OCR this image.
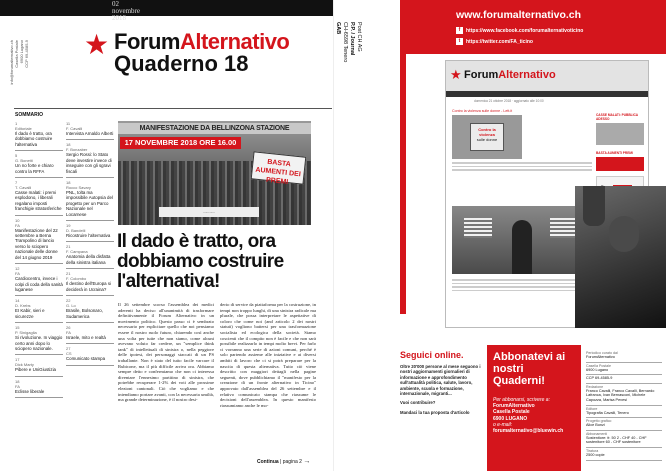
02
novembre
2018
info@forumalternativo.ch Casella Postale 6900 Lugano CCP 69-4585-9 ★ ForumAlternativo
Quaderno 18
SOMMARIO
1
Editoriale
Il dado è tratto, ora dobbiamo costruire l'alternativa
5
G. Bonetti
Un no forte e chiaro contro la RFFA
7
T. Cavalli
Casse malati: i premi esplodono, i liberali regalano imposti franchigie stratosferiche
10
FA
Manifestazione del 22 settembre a Berna Trampolino di lancio verso lo sciopero nazionale delle donne del 14 giugno 2019
12
FA
Cardiocentro, invece i colpi di coda della sanità luganese
14
D. Krebs
EI Kabir, sieri e sicurezze
15
P. Sinigaglia
Si rivoluzione. In viaggio certo anni dopo lo sciopero nazionale.
17
Dick Marty
Pibere e UniGiustizia
18
FA
Eclisse liberale
11
F. Cavalli
Intervista Arnaldo Alberti
18
F. Bonzaber
Sergio Rossi: lo Stato deve investire invece di inseguire con gli sgravi fiscali
18
Rocco Savary
PNL, tolta ma impossibile Autopsia del progetto per un Parco Nazionale nel Locarnese
19
D. Bandelli
Ricostruire l'alternativa
21
F. Campana
Anatomia della disfatta della sinistra italiana
21
F. Colombo
Il destino dell'Europa si deciderà in Ucraina?
22
G. Lo
Brasile, Bolsonaro, Sudamerica
26
FA
Israele, mito e realtà
27
CS
Comunicato stampa
MANIFESTAZIONE DA BELLINZONA STAZIONE
17 NOVEMBRE 2018 ORE 16.00
BASTA AUMENTI DEI PREMI
...-...-...
Il dado è tratto, ora dobbiamo costruire l'alternativa!
Il 26 settembre scorso l'assemblea dei medici aderenti ha deciso all'unanimità di trasformare definitivamente il Forum Alternativo in un movimento politico. Questo passo ci è sembrato necessario per esplicitare quello che noi pensiamo essere il nostro ruolo futuro, chiarendo così anche una volta per tutte che non siamo, come alcuni avevano voluto far credere, un "semplice think tank" di intellettuali di sinistra o, nella peggiore delle ipotesi, dei personaggi staccati di un PS traballante. Non è stato del tutto facile varcare il Rubicone, ma il più difficile arriva ora. Abbiamo sempre detto e confermiamo che non ci interessa diventare l'ennesimo partitino di sinistra, che potrebbe recuperare 1-2% dei voti alle prossime elezioni cantonali. Ciò che vogliamo e che intendiamo portare avanti, con la necessaria umiltà, ma grande determinazione, è il nostro desi-
derio di servire da piattaforma per la costruzione, in tempi non troppo lunghi, di una sinistra radicale ma plurale, che possa interpretare le aspettative di coloro che come noi (and articolo 2 dei nostri statuti) vogliono battersi per una trasformazione socialista ed ecologica della società. Siamo coscienti che il compito non è facile e che non sarà possibile realizzarlo in tempi molto brevi. Per farlo ci vorranno una serie di azioni comuni, perché è solo partendo assieme alle iniziative e ai diversi ambiti di lavoro che ci si potrà preparare per la nascita di questa alternativa. Tutto ciò viene descritto con maggiori dettagli nella pagine seguenti, dove pubblichiamo il "manifesto per la creazione di un fronte alternativo in Ticino" approvato dall'assemblea del 26 settembre e il relativo comunicato stampa che riassume le decisioni dell'assemblea. In questo manifesto riassumiamo anche le mo-
Continua | pagina 2 →
GAB CH-6598 Tenero P.P. / Journal Post CH AG
www.forumalternativo.ch
f https://www.facebook.com/forumalternativoticino
t https://twitter.com/FA_ticino
★ ForumAlternativo
domenica 21 ottobre 2018 · aggiornato alle 10:00
Contro la violenza sulle donne - Lett.it
Contro la
violenza
sulle donne
CASSE MALATI: PUBBLICA ADESSO
BASTA AUMENTI PREMI

Seguici online.
Oltre 20'000 persone al mese seguono i nostri aggiornamenti giornalieri di informazione e approfondimento sull'attualità politica, salute, lavoro, ambiente, scuola e formazione, internazionale, migranti...
Vuoi contribuire?
Mandaci la tua proposta d'articolo
Abbonatevi ai nostri Quaderni!
Per abbonarsi, scrivere a:
ForumAlternativo
Casella Postale
6900 LUGANO
o e-mail:
forumalternativo@bluewin.ch
Periodico curato dal
ForumAlternativo
Casella Postale
6900 Lugano
CCP 69-4585-9
Redazione
Franco Cavalli, Franco Cavalli, Bernardo Lafranca, Ivan Bernasconi, Michele Capozza, Marisa Pevesi
Editore
Tipografia Cavalli, Tenero
Progetto grafico
Alice Bonzi
Abbonamenti
Sostenitore: fr. 50 2 - CHF 40 - CHF sostenitore 60 - CHF sostenitore
Tiratura
2500 copie
